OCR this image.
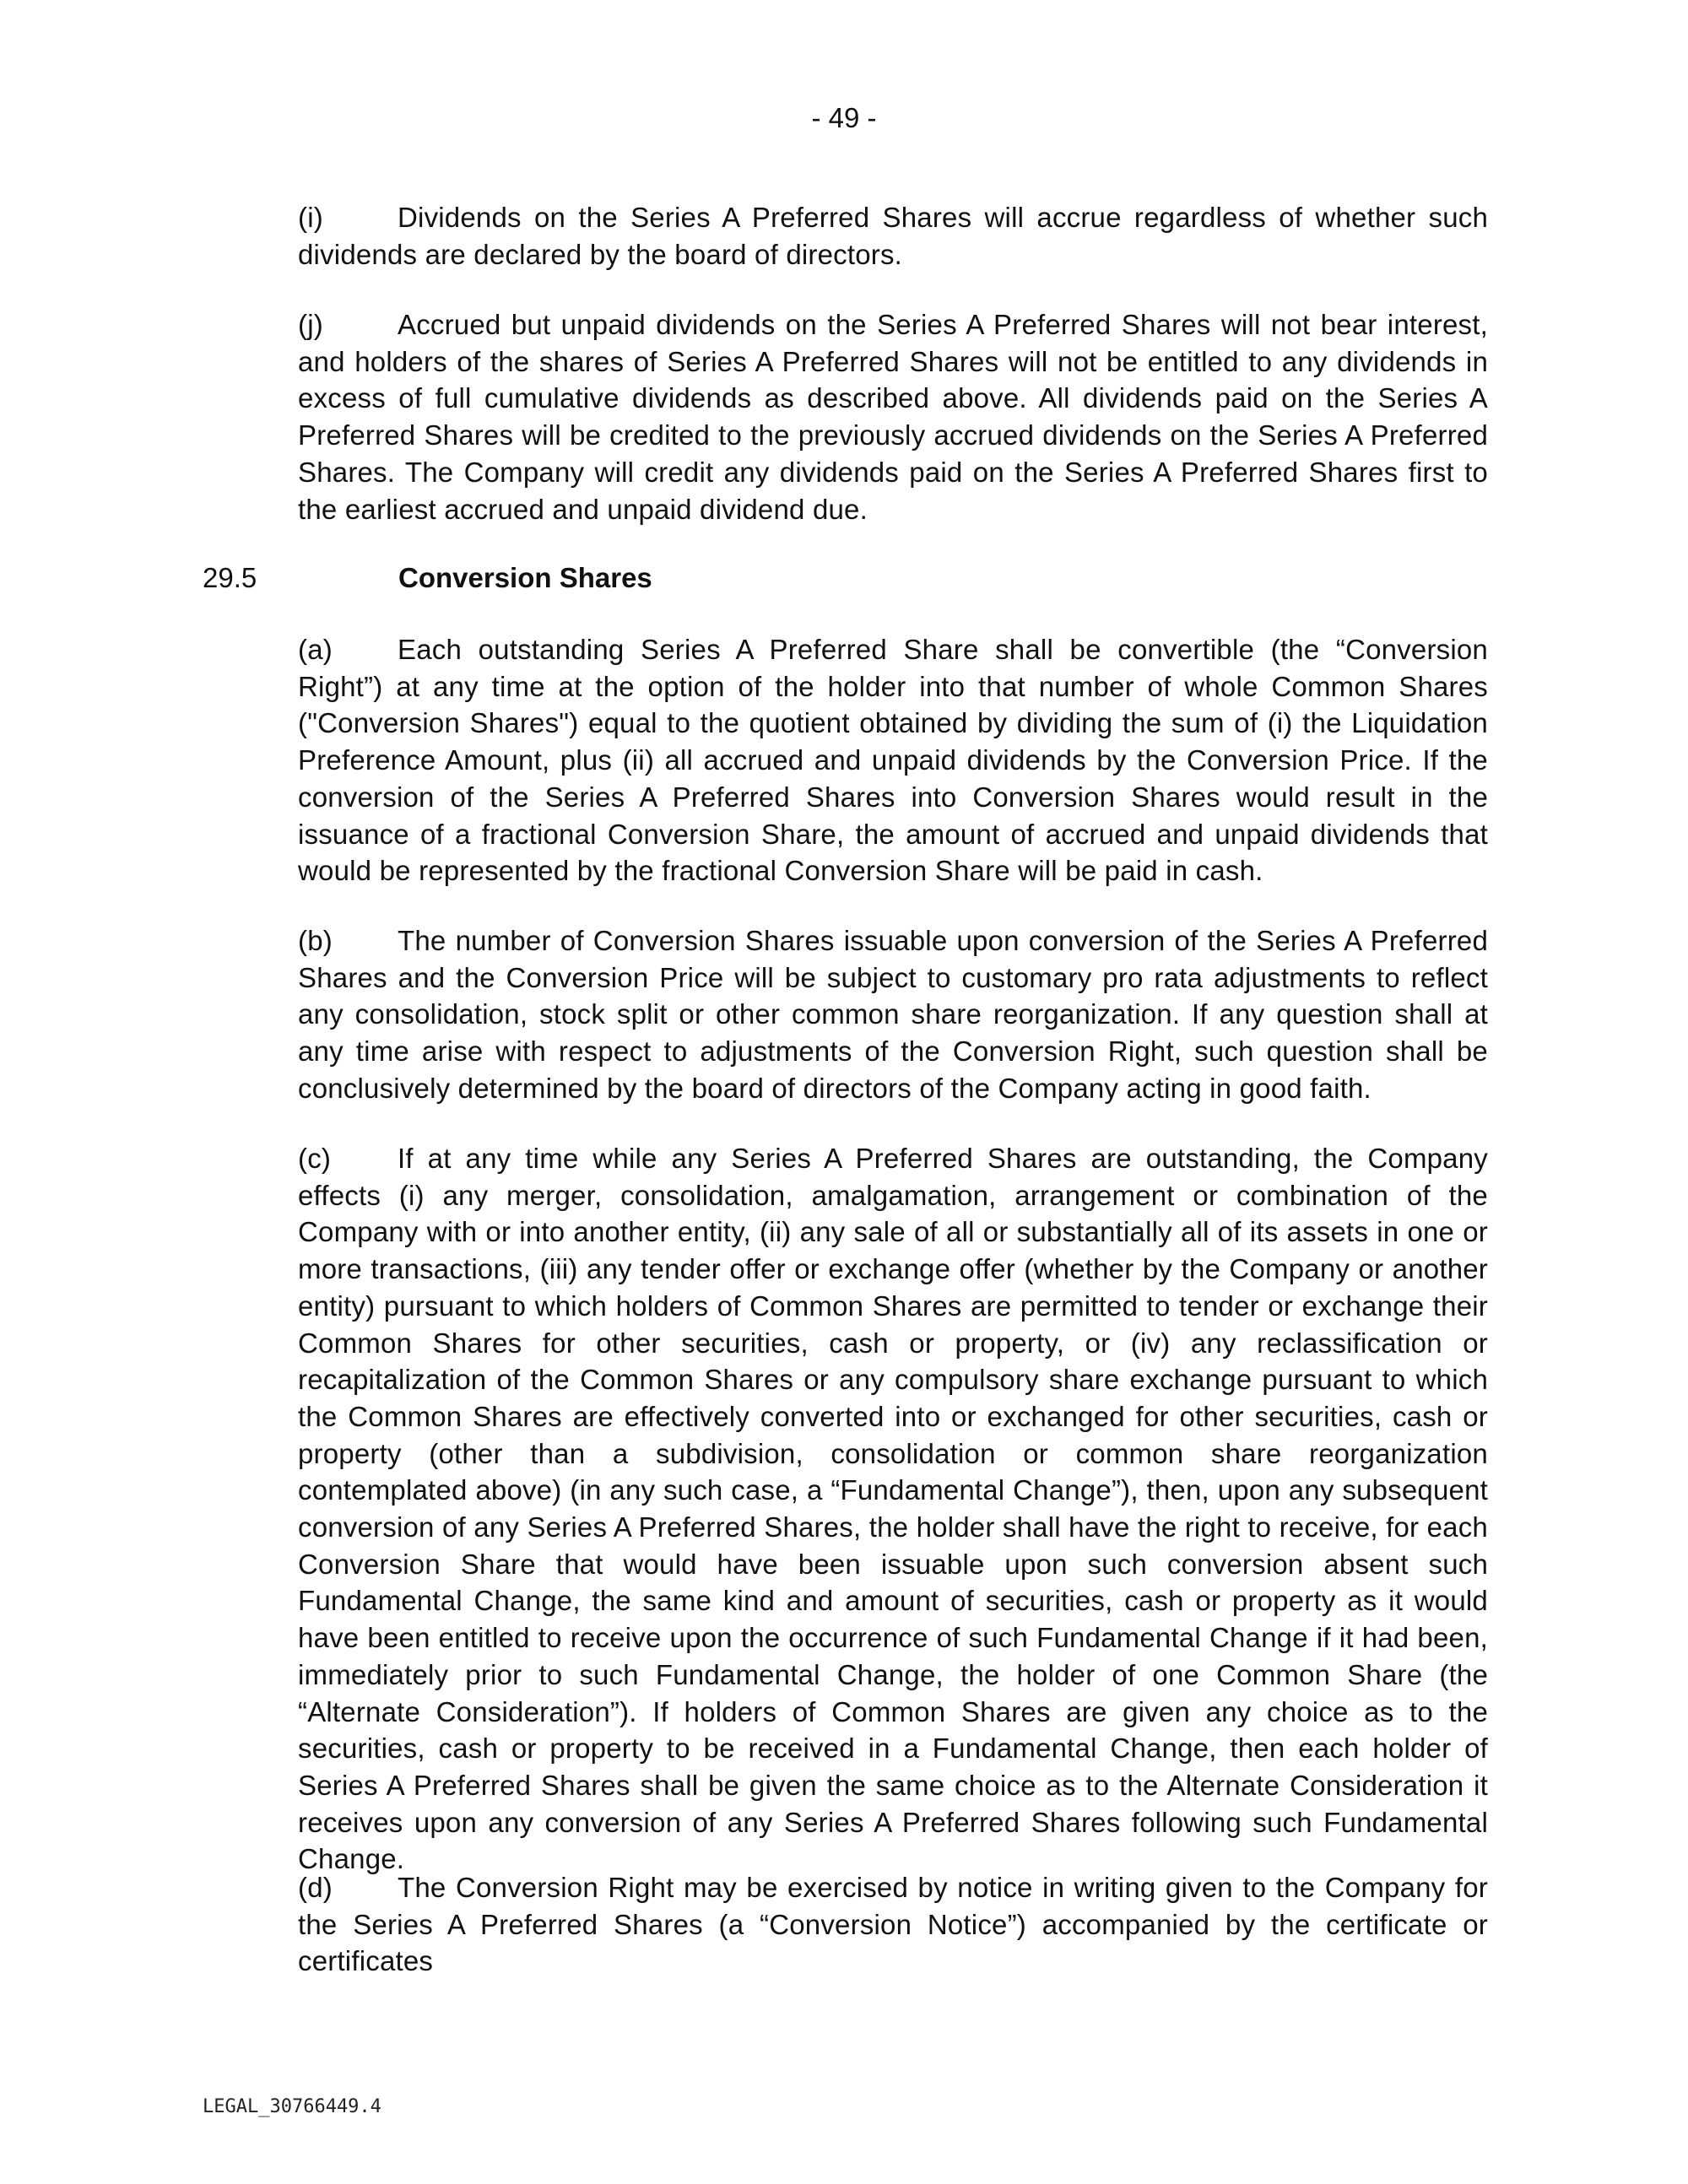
- 49 -
(i)	Dividends on the Series A Preferred Shares will accrue regardless of whether such dividends are declared by the board of directors.
(j)	Accrued but unpaid dividends on the Series A Preferred Shares will not bear interest, and holders of the shares of Series A Preferred Shares will not be entitled to any dividends in excess of full cumulative dividends as described above. All dividends paid on the Series A Preferred Shares will be credited to the previously accrued dividends on the Series A Preferred Shares. The Company will credit any dividends paid on the Series A Preferred Shares first to the earliest accrued and unpaid dividend due.
29.5	Conversion Shares
(a) Each outstanding Series A Preferred Share shall be convertible (the “Conversion Right”) at any time at the option of the holder into that number of whole Common Shares ("Conversion Shares") equal to the quotient obtained by dividing the sum of (i) the Liquidation Preference Amount, plus (ii) all accrued and unpaid dividends by the Conversion Price. If the conversion of the Series A Preferred Shares into Conversion Shares would result in the issuance of a fractional Conversion Share, the amount of accrued and unpaid dividends that would be represented by the fractional Conversion Share will be paid in cash.
(b) The number of Conversion Shares issuable upon conversion of the Series A Preferred Shares and the Conversion Price will be subject to customary pro rata adjustments to reflect any consolidation, stock split or other common share reorganization. If any question shall at any time arise with respect to adjustments of the Conversion Right, such question shall be conclusively determined by the board of directors of the Company acting in good faith.
(c) If at any time while any Series A Preferred Shares are outstanding, the Company effects (i) any merger, consolidation, amalgamation, arrangement or combination of the Company with or into another entity, (ii) any sale of all or substantially all of its assets in one or more transactions, (iii) any tender offer or exchange offer (whether by the Company or another entity) pursuant to which holders of Common Shares are permitted to tender or exchange their Common Shares for other securities, cash or property, or (iv) any reclassification or recapitalization of the Common Shares or any compulsory share exchange pursuant to which the Common Shares are effectively converted into or exchanged for other securities, cash or property (other than a subdivision, consolidation or common share reorganization contemplated above) (in any such case, a “Fundamental Change”), then, upon any subsequent conversion of any Series A Preferred Shares, the holder shall have the right to receive, for each Conversion Share that would have been issuable upon such conversion absent such Fundamental Change, the same kind and amount of securities, cash or property as it would have been entitled to receive upon the occurrence of such Fundamental Change if it had been, immediately prior to such Fundamental Change, the holder of one Common Share (the “Alternate Consideration”). If holders of Common Shares are given any choice as to the securities, cash or property to be received in a Fundamental Change, then each holder of Series A Preferred Shares shall be given the same choice as to the Alternate Consideration it receives upon any conversion of any Series A Preferred Shares following such Fundamental Change.
(d) The Conversion Right may be exercised by notice in writing given to the Company for the Series A Preferred Shares (a “Conversion Notice”) accompanied by the certificate or certificates
LEGAL_30766449.4
